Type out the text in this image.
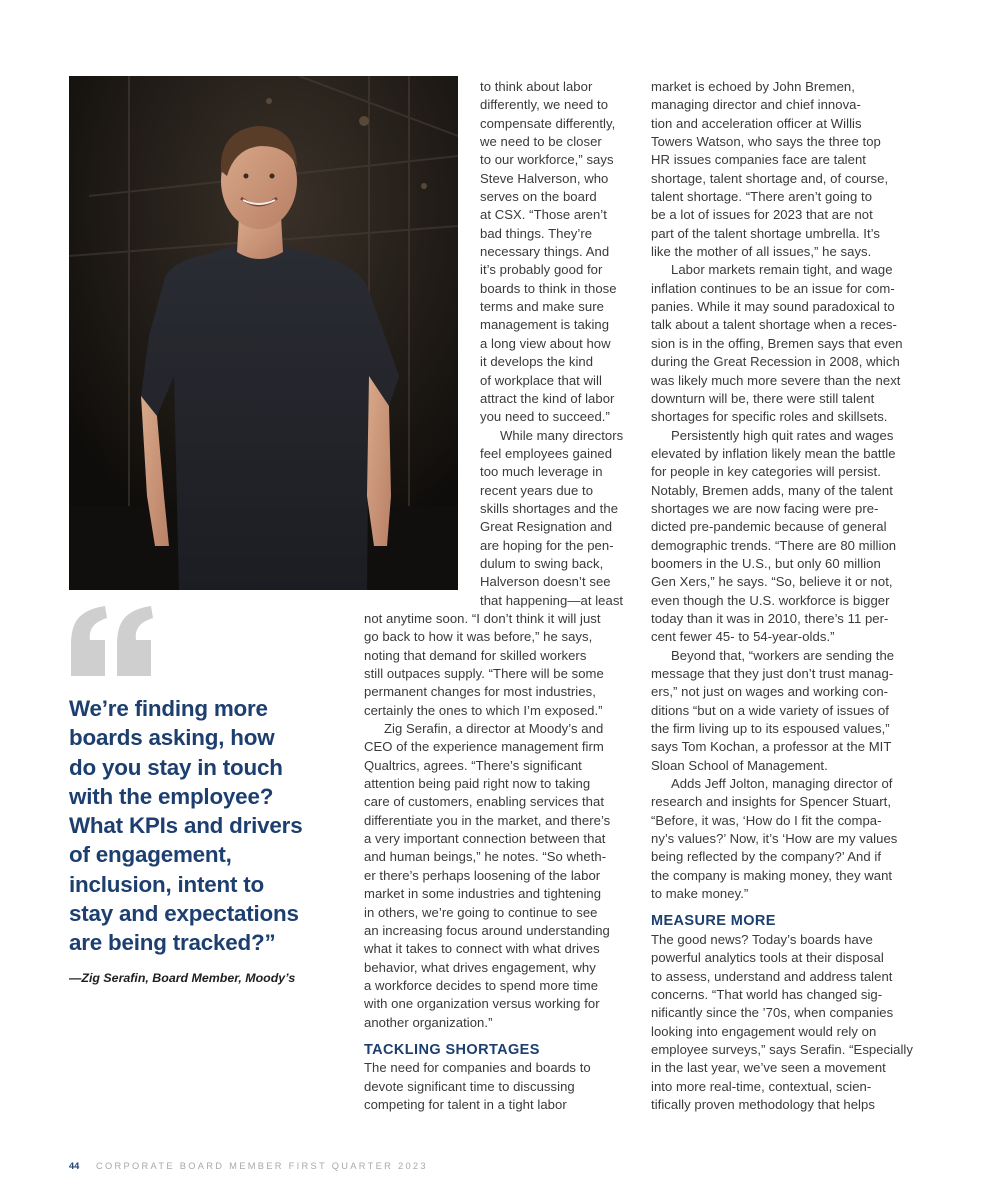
to think about labor
differently, we need to
compensate differently,
we need to be closer
to our workforce,” says
Steve Halverson, who
serves on the board
at CSX. “Those aren’t
bad things. They’re
necessary things. And
it’s probably good for
boards to think in those
terms and make sure
management is taking
a long view about how
it develops the kind
of workplace that will
attract the kind of labor
you need to succeed.”
While many directors
feel employees gained
too much leverage in
recent years due to
skills shortages and the
Great Resignation and
are hoping for the pen-
dulum to swing back,
Halverson doesn’t see
that happening—at least
not anytime soon. “I don’t think it will just
go back to how it was before,” he says,
noting that demand for skilled workers
still outpaces supply. “There will be some
permanent changes for most industries,
certainly the ones to which I’m exposed.”
Zig Serafin, a director at Moody’s and
CEO of the experience management firm
Qualtrics, agrees. “There’s significant
attention being paid right now to taking
care of customers, enabling services that
differentiate you in the market, and there’s
a very important connection between that
and human beings,” he notes. “So wheth-
er there’s perhaps loosening of the labor
market in some industries and tightening
in others, we’re going to continue to see
an increasing focus around understanding
what it takes to connect with what drives
behavior, what drives engagement, why
a workforce decides to spend more time
with one organization versus working for
another organization.”
TACKLING SHORTAGES
The need for companies and boards to
devote significant time to discussing
competing for talent in a tight labor
market is echoed by John Bremen,
managing director and chief innova-
tion and acceleration officer at Willis
Towers Watson, who says the three top
HR issues companies face are talent
shortage, talent shortage and, of course,
talent shortage. “There aren’t going to
be a lot of issues for 2023 that are not
part of the talent shortage umbrella. It’s
like the mother of all issues,” he says.
Labor markets remain tight, and wage
inflation continues to be an issue for com-
panies. While it may sound paradoxical to
talk about a talent shortage when a reces-
sion is in the offing, Bremen says that even
during the Great Recession in 2008, which
was likely much more severe than the next
downturn will be, there were still talent
shortages for specific roles and skillsets.
Persistently high quit rates and wages
elevated by inflation likely mean the battle
for people in key categories will persist.
Notably, Bremen adds, many of the talent
shortages we are now facing were pre-
dicted pre-pandemic because of general
demographic trends. “There are 80 million
boomers in the U.S., but only 60 million
Gen Xers,” he says. “So, believe it or not,
even though the U.S. workforce is bigger
today than it was in 2010, there’s 11 per-
cent fewer 45- to 54-year-olds.”
Beyond that, “workers are sending the
message that they just don’t trust manag-
ers,” not just on wages and working con-
ditions “but on a wide variety of issues of
the firm living up to its espoused values,”
says Tom Kochan, a professor at the MIT
Sloan School of Management.
Adds Jeff Jolton, managing director of
research and insights for Spencer Stuart,
“Before, it was, ‘How do I fit the compa-
ny’s values?’ Now, it’s ‘How are my values
being reflected by the company?’ And if
the company is making money, they want
to make money.”
MEASURE MORE
The good news? Today’s boards have
powerful analytics tools at their disposal
to assess, understand and address talent
concerns. “That world has changed sig-
nificantly since the ’70s, when companies
looking into engagement would rely on
employee surveys,” says Serafin. “Especially
in the last year, we’ve seen a movement
into more real-time, contextual, scien-
tifically proven methodology that helps
We’re finding more
boards asking, how
do you stay in touch
with the employee?
What KPIs and drivers
of engagement,
inclusion, intent to
stay and expectations
are being tracked?”
—Zig Serafin, Board Member, Moody’s
44 CORPORATE BOARD MEMBER FIRST QUARTER 2023
